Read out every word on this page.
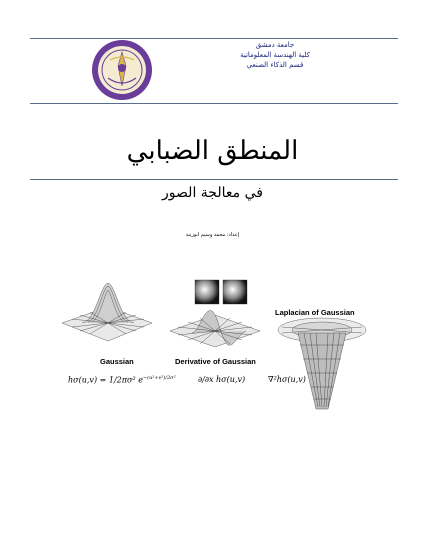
جامعة دمشق
كلية الهندسة المعلوماتية
قسم الذكاء الصنعي
المنطق الضبابي
في معالجة الصور
إعداد: محمد وسيم ابوزينة
Gaussian	Derivative of Gaussian
Laplacian of Gaussian
hσ(u,v) = 1/2πσ² $e^{-(u^2+v^2)/2\sigma^2}$	∂/∂x hσ(u,v)	∇²hσ(u,v)
